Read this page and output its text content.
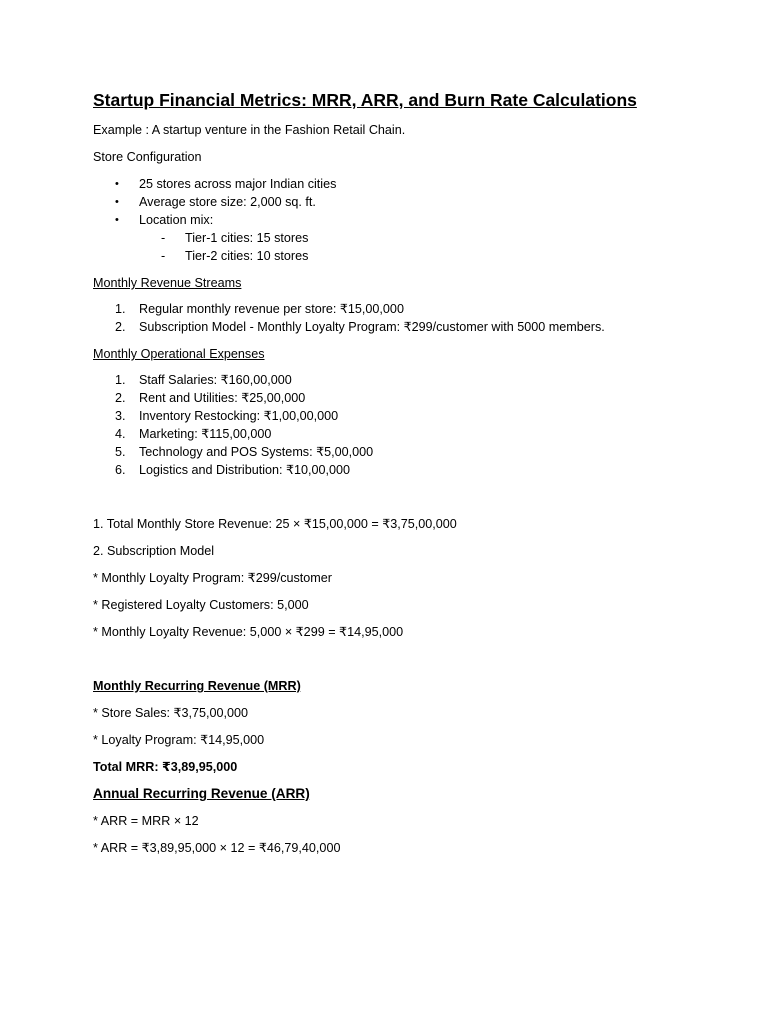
Startup Financial Metrics: MRR, ARR, and Burn Rate Calculations
Example : A startup venture in the Fashion Retail Chain.
Store Configuration
• 25 stores across major Indian cities
• Average store size: 2,000 sq. ft.
• Location mix:
- Tier-1 cities: 15 stores
- Tier-2 cities: 10 stores
Monthly Revenue Streams
1. Regular monthly revenue per store: ₹15,00,000
2. Subscription Model - Monthly Loyalty Program: ₹299/customer with 5000 members.
Monthly Operational Expenses
1. Staff Salaries: ₹160,00,000
2. Rent and Utilities: ₹25,00,000
3. Inventory Restocking: ₹1,00,00,000
4. Marketing: ₹115,00,000
5. Technology and POS Systems: ₹5,00,000
6. Logistics and Distribution: ₹10,00,000
1. Total Monthly Store Revenue: 25 × ₹15,00,000 = ₹3,75,00,000
2. Subscription Model
* Monthly Loyalty Program: ₹299/customer
* Registered Loyalty Customers: 5,000
* Monthly Loyalty Revenue: 5,000 × ₹299 = ₹14,95,000
Monthly Recurring Revenue (MRR)
* Store Sales: ₹3,75,00,000
* Loyalty Program: ₹14,95,000
Total MRR: ₹3,89,95,000
Annual Recurring Revenue (ARR)
* ARR = MRR × 12
* ARR = ₹3,89,95,000 × 12 = ₹46,79,40,000
